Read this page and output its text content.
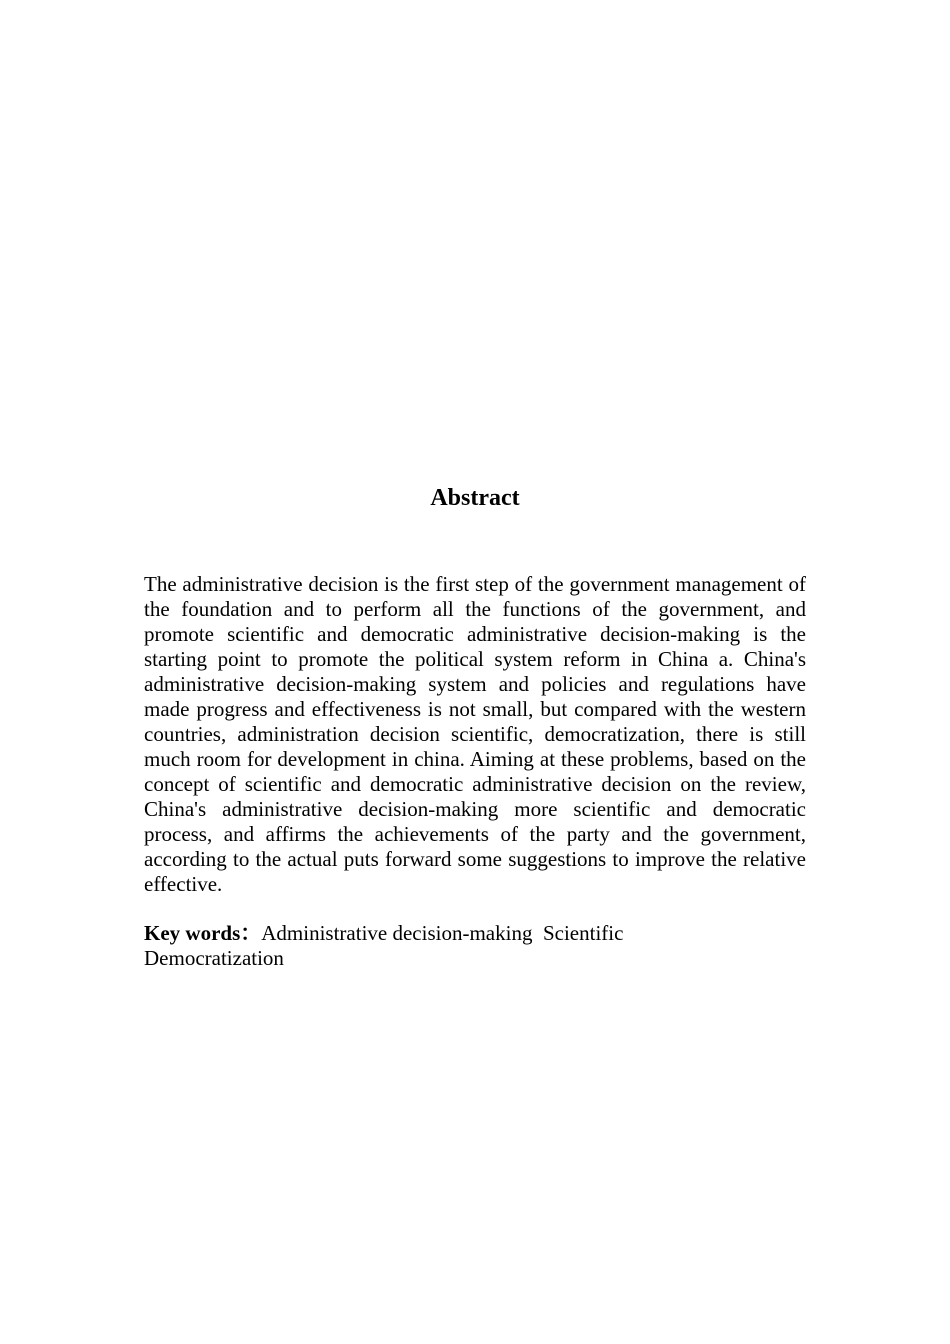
Abstract

The administrative decision is the first step of the government management of the foundation and to perform all the functions of the government, and promote scientific and democratic administrative decision-making is the starting point to promote the political system reform in China a. China's administrative decision-making system and policies and regulations have made progress and effectiveness is not small, but compared with the western countries, administration decision scientific, democratization, there is still much room for development in china. Aiming at these problems, based on the concept of scientific and democratic administrative decision on the review, China's administrative decision-making more scientific and democratic process, and affirms the achievements of the party and the government, according to the actual puts forward some suggestions to improve the relative effective.

Key words：Administrative decision-making Scientific
Democratization
